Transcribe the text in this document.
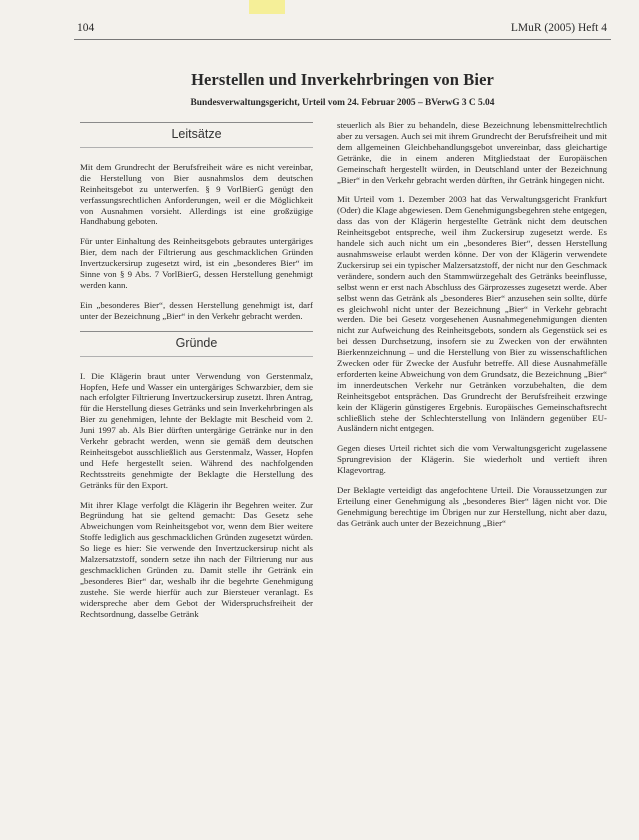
104	LMuR (2005) Heft 4
Herstellen und Inverkehrbringen von Bier
Bundesverwaltungsgericht, Urteil vom 24. Februar 2005 – BVerwG 3 C 5.04
Leitsätze

Mit dem Grundrecht der Berufsfreiheit wäre es nicht vereinbar, die Herstellung von Bier ausnahmslos dem deutschen Reinheitsgebot zu unterwerfen. § 9 VorlBierG genügt den verfassungsrechtlichen Anforderungen, weil er die Möglichkeit von Ausnahmen vorsieht. Allerdings ist eine großzügige Handhabung geboten.

Für unter Einhaltung des Reinheitsgebots gebrautes untergäriges Bier, dem nach der Filtrierung aus geschmacklichen Gründen Invertzuckersirup zugesetzt wird, ist ein „besonderes Bier“ im Sinne von § 9 Abs. 7 VorlBierG, dessen Herstellung genehmigt werden kann.

Ein „besonderes Bier“, dessen Herstellung genehmigt ist, darf unter der Bezeichnung „Bier“ in den Verkehr gebracht werden.

Gründe

I. Die Klägerin braut unter Verwendung von Gerstenmalz, Hopfen, Hefe und Wasser ein untergäriges Schwarzbier, dem sie nach erfolgter Filtrierung Invertzuckersirup zusetzt. Ihren Antrag, für die Herstellung dieses Getränks und sein Inverkehrbringen als Bier zu genehmigen, lehnte der Beklagte mit Bescheid vom 2. Juni 1997 ab. Als Bier dürften untergärige Getränke nur in den Verkehr gebracht werden, wenn sie gemäß dem deutschen Reinheitsgebot ausschließlich aus Gerstenmalz, Wasser, Hopfen und Hefe hergestellt seien. Während des nachfolgenden Rechtsstreits genehmigte der Beklagte die Herstellung des Getränks für den Export.

Mit ihrer Klage verfolgt die Klägerin ihr Begehren weiter. Zur Begründung hat sie geltend gemacht: Das Gesetz sehe Abweichungen vom Reinheitsgebot vor, wenn dem Bier weitere Stoffe lediglich aus geschmacklichen Gründen zugesetzt würden. So liege es hier: Sie verwende den Invertzuckersirup nicht als Malzersatzstoff, sondern setze ihn nach der Filtrierung nur aus geschmacklichen Gründen zu. Damit stelle ihr Getränk ein „besonderes Bier“ dar, weshalb ihr die begehrte Genehmigung zustehe. Sie werde hierfür auch zur Biersteuer veranlagt. Es widerspreche aber dem Gebot der Widerspruchsfreiheit der Rechtsordnung, dasselbe Getränk

steuerlich als Bier zu behandeln, diese Bezeichnung lebensmittelrechtlich aber zu versagen. Auch sei mit ihrem Grundrecht der Berufsfreiheit und mit dem allgemeinen Gleichbehandlungsgebot unvereinbar, dass gleichartige Getränke, die in einem anderen Mitgliedstaat der Europäischen Gemeinschaft hergestellt würden, in Deutschland unter der Bezeichnung „Bier“ in den Verkehr gebracht werden dürften, ihr Getränk hingegen nicht.

Mit Urteil vom 1. Dezember 2003 hat das Verwaltungsgericht Frankfurt (Oder) die Klage abgewiesen. Dem Genehmigungsbegehren stehe entgegen, dass das von der Klägerin hergestellte Getränk nicht dem deutschen Reinheitsgebot entspreche, weil ihm Zuckersirup zugesetzt werde. Es handele sich auch nicht um ein „besonderes Bier“, dessen Herstellung ausnahmsweise erlaubt werden könne. Der von der Klägerin verwendete Zuckersirup sei ein typischer Malzersatzstoff, der nicht nur den Geschmack verändere, sondern auch den Stammwürzegehalt des Getränks beeinflusse, selbst wenn er erst nach Abschluss des Gärprozesses zugesetzt werde. Aber selbst wenn das Getränk als „besonderes Bier“ anzusehen sein sollte, dürfe es gleichwohl nicht unter der Bezeichnung „Bier“ in Verkehr gebracht werden. Die bei Gesetz vorgesehenen Ausnahmegenehmigungen dienten nicht zur Aufweichung des Reinheitsgebots, sondern als Gegenstück sei es bei dessen Durchsetzung, insofern sie zu Zwecken von der erwähnten Bierkennzeichnung – und die Herstellung von Bier zu wissenschaftlichen Zwecken oder für Zwecke der Ausfuhr betreffe. All diese Ausnahmefälle erforderten keine Abweichung von dem Grundsatz, die Bezeichnung „Bier“ im innerdeutschen Verkehr nur Getränken vorzubehalten, die dem Reinheitsgebot entsprächen. Das Grundrecht der Berufsfreiheit erzwinge kein der Klägerin günstigeres Ergebnis. Europäisches Gemeinschaftsrecht schließlich stehe der Schlechterstellung von Inländern gegenüber EU-Ausländern nicht entgegen.

Gegen dieses Urteil richtet sich die vom Verwaltungsgericht zugelassene Sprungrevision der Klägerin. Sie wiederholt und vertieft ihren Klagevortrag.

Der Beklagte verteidigt das angefochtene Urteil. Die Voraussetzungen zur Erteilung einer Genehmigung als „besonderes Bier“ lägen nicht vor. Die Genehmigung berechtige im Übrigen nur zur Herstellung, nicht aber dazu, das Getränk auch unter der Bezeichnung „Bier“
